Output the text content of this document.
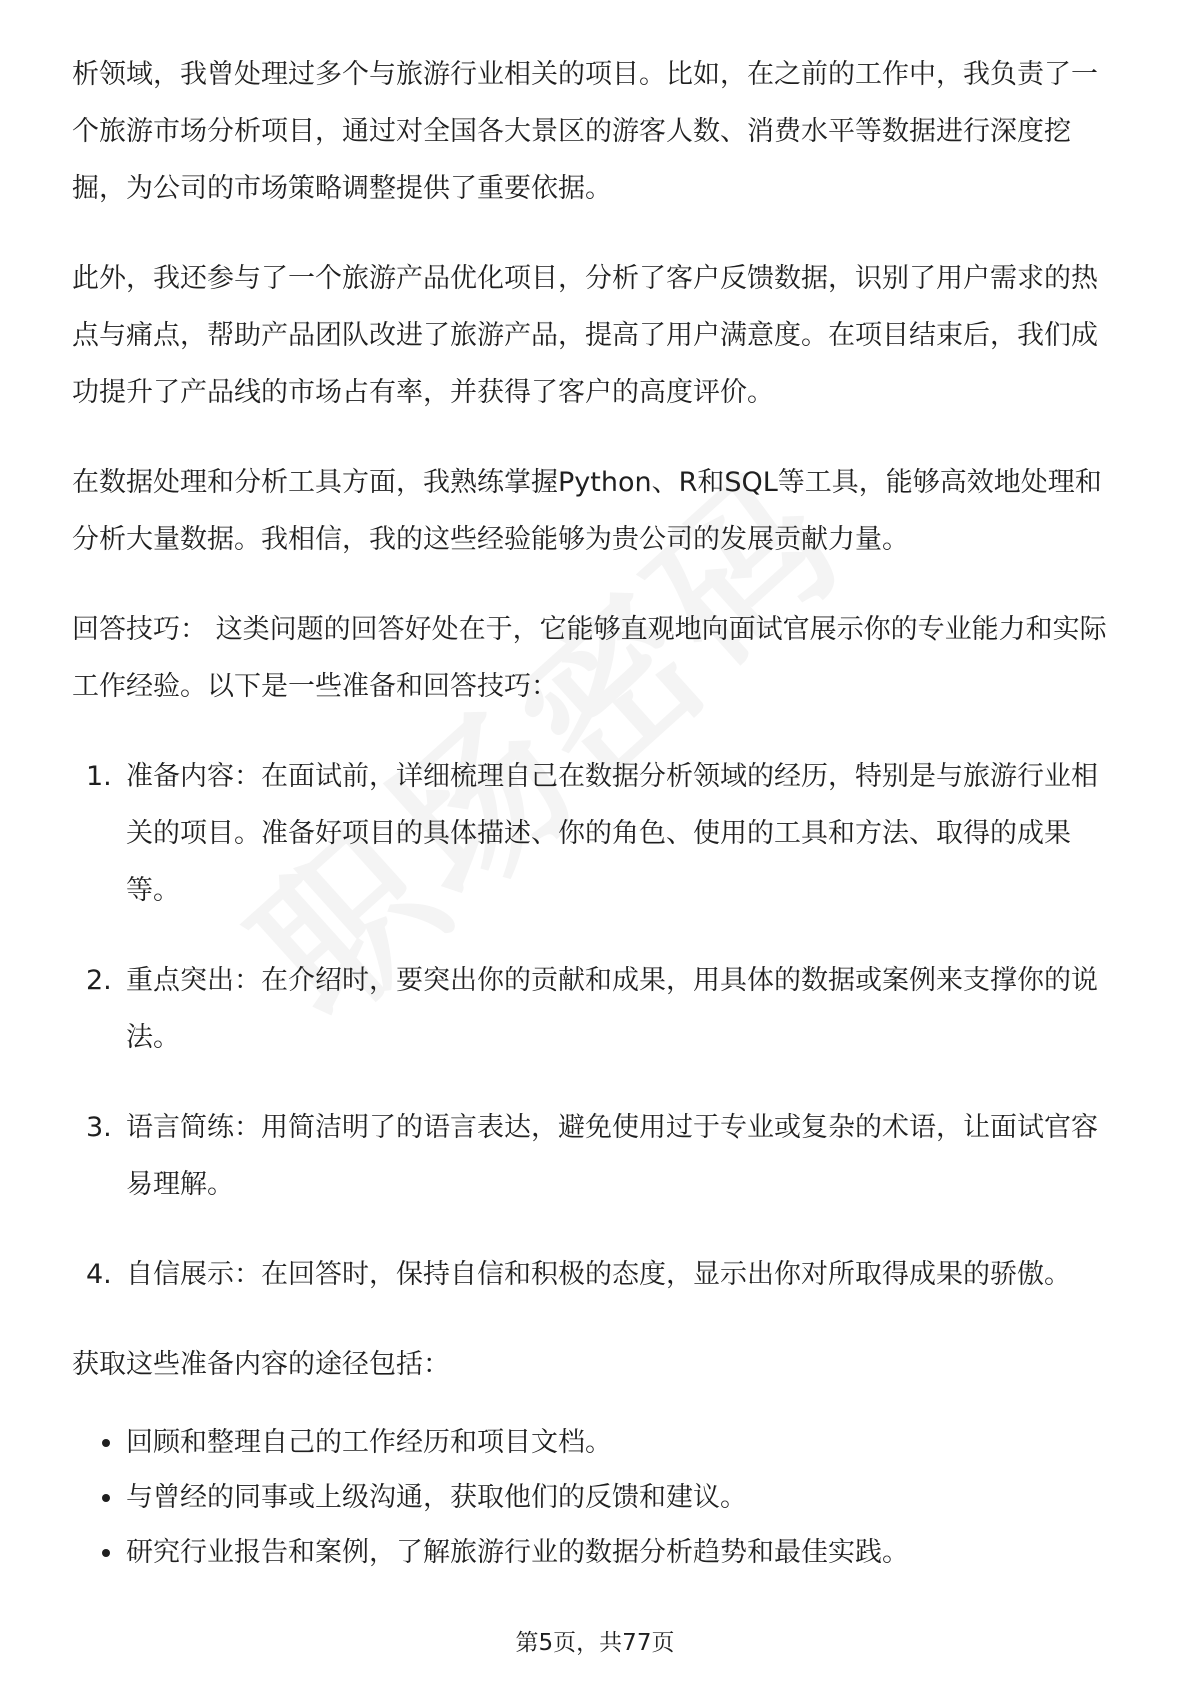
析领域，我曾处理过多个与旅游行业相关的项目。比如，在之前的工作中，我负责了一个旅游市场分析项目，通过对全国各大景区的游客人数、消费水平等数据进行深度挖掘，为公司的市场策略调整提供了重要依据。

此外，我还参与了一个旅游产品优化项目，分析了客户反馈数据，识别了用户需求的热点与痛点，帮助产品团队改进了旅游产品，提高了用户满意度。在项目结束后，我们成功提升了产品线的市场占有率，并获得了客户的高度评价。

在数据处理和分析工具方面，我熟练掌握Python、R和SQL等工具，能够高效地处理和分析大量数据。我相信，我的这些经验能够为贵公司的发展贡献力量。

回答技巧： 这类问题的回答好处在于，它能够直观地向面试官展示你的专业能力和实际工作经验。以下是一些准备和回答技巧：

1. 准备内容：在面试前，详细梳理自己在数据分析领域的经历，特别是与旅游行业相关的项目。准备好项目的具体描述、你的角色、使用的工具和方法、取得的成果等。
2. 重点突出：在介绍时，要突出你的贡献和成果，用具体的数据或案例来支撑你的说法。
3. 语言简练：用简洁明了的语言表达，避免使用过于专业或复杂的术语，让面试官容易理解。
4. 自信展示：在回答时，保持自信和积极的态度，显示出你对所取得成果的骄傲。

获取这些准备内容的途径包括：

回顾和整理自己的工作经历和项目文档。
与曾经的同事或上级沟通，获取他们的反馈和建议。
研究行业报告和案例，了解旅游行业的数据分析趋势和最佳实践。
第5页，共77页
